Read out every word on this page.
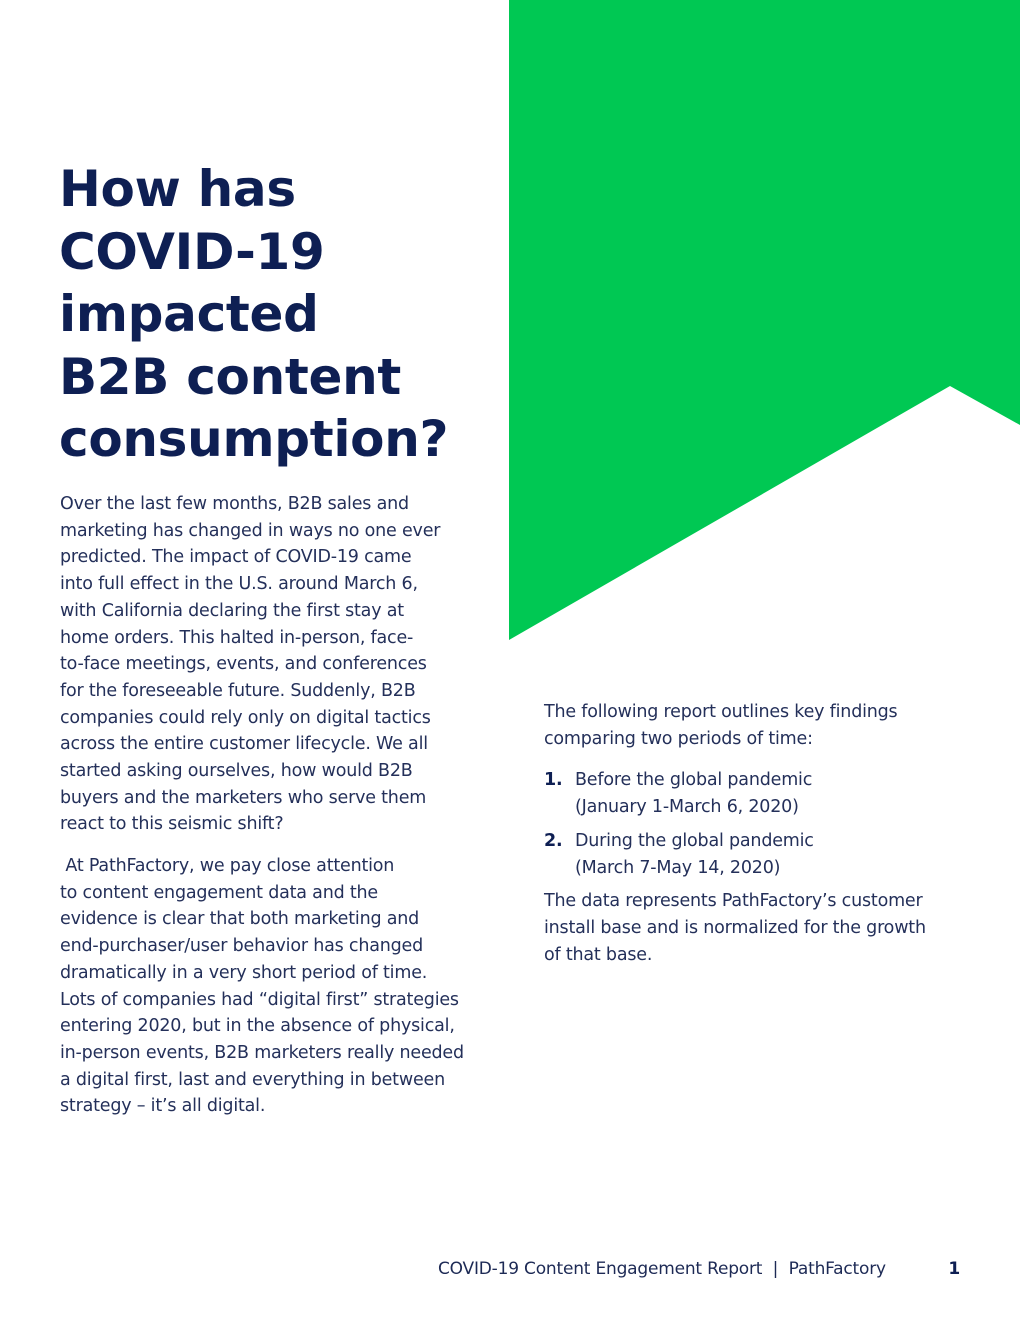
How has
COVID-19
impacted
B2B content
consumption?

Over the last few months, B2B sales and
marketing has changed in ways no one ever
predicted. The impact of COVID-19 came
into full effect in the U.S. around March 6,
with California declaring the first stay at
home orders. This halted in-person, face-
to-face meetings, events, and conferences
for the foreseeable future. Suddenly, B2B
companies could rely only on digital tactics
across the entire customer lifecycle. We all
started asking ourselves, how would B2B
buyers and the marketers who serve them
react to this seismic shift?

At PathFactory, we pay close attention
to content engagement data and the
evidence is clear that both marketing and
end-purchaser/user behavior has changed
dramatically in a very short period of time.
Lots of companies had “digital first” strategies
entering 2020, but in the absence of physical,
in-person events, B2B marketers really needed
a digital first, last and everything in between
strategy – it’s all digital.

The following report outlines key findings
comparing two periods of time:

1. Before the global pandemic
(January 1-March 6, 2020)
2. During the global pandemic
(March 7-May 14, 2020)

The data represents PathFactory’s customer
install base and is normalized for the growth
of that base.

COVID-19 Content Engagement Report  |  PathFactory	1
